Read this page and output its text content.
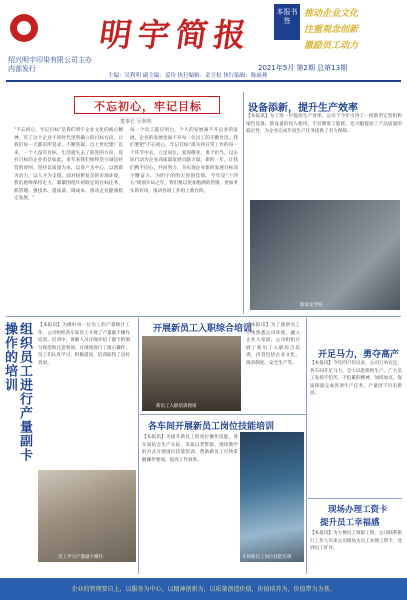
明宇简报
绍兴明宇印染有限公司主办
内部发行
本报书签
推动企业文化
注重观念创新
激励员工动力
2021年5月 第2期 总第13期
主编：吴利明 副主编：姜玲 执行编辑：金卫松 执行编辑：陈丽燕
不忘初心，牢记目标
董事长 吴利明
"不忘初心，牢记目标"是我们明宇企业文化的核心精神，有了这个企业不同时代里所确立的目标方向，让我们每一天都有所追求，不断进取。自上世纪建厂以来，一个人没有目标，生活就失去了前进的方向，没有目标的企业也是如此。多年来我们始终坚守诚信经营的原则，坚持以质量为本，以客户为中心，以创新为动力，以人才为支撑。面对纷繁复杂的市场环境，我们始终保持定力，紧紧围绕年初既定的目标任务，抓管理、强技术、提质量、降成本，推动企业健康稳定发展。"
每一个员工都应明白，个人的发展离不开企业的发展，企业的发展也离不开每一位员工的辛勤付出。我们要把"不忘初心，牢记目标"落实到日常工作的每一个环节中去，立足岗位，爱岗敬业，勇于担当，以实际行动为企业高质量发展贡献力量。新的一年，让我们携手同心，共同努力，为实现企业新的发展目标而不懈奋斗，为明宇的明天再创佳绩。今年是"十四五"规划开局之年，我们要以更加饱满的热情，更加务实的作风，推动各项工作再上新台阶。
设备添新，提升生产效率
【本报讯】为了进一步提高生产效率，公司于今年引进了一批新型定型机和染色设备。新设备的投入使用，不仅降低了能耗，还大幅提高了产品质量的稳定性，为企业完成年度生产任务提供了有力保障。
新添定型机
组织员工进行产量副卡操作的培训	【本报讯】为做好每一位员工的产量统计工作，公司组织各车间员工开展了产量副卡操作培训。培训中，讲解人员详细介绍了副卡的填写规范和注意事项，并现场进行了演示操作，员工们认真学习，积极提问，培训取得了良好效果。
员工学习产量副卡操作
开展新员工入职综合培训
新员工入职培训现场
【本报讯】为了使新员工尽快熟悉公司环境，融入企业大家庭，公司组织开展了新员工入职综合培训，内容包括企业文化、规章制度、安全生产等。
各车间开展新员工岗位技能培训
【本报讯】为提升新员工的岗位操作技能，各车间结合生产实际，采取以老带新、现场教学的方式开展岗位技能培训，帮助新员工尽快掌握操作要领，提高工作效率。
车间新员工岗位技能培训
开足马力，勇夺高产
【本报讯】今年四月份以来，公司订单充足，各车间开足马力，全力以赴组织生产。广大员工发扬不怕苦、不怕累的精神，加班加点，保质保量完成各项生产任务，产量创下历史新高。
现场办理工资卡
提升员工幸福感
【本报讯】为方便员工领取工资，公司联系银行工作人员来公司现场为员工办理工资卡，受到员工好评。
企业的管理要自上，以服务为中心，以精神创新为，以质量创造价值，价值培养为，价值带为为基。
